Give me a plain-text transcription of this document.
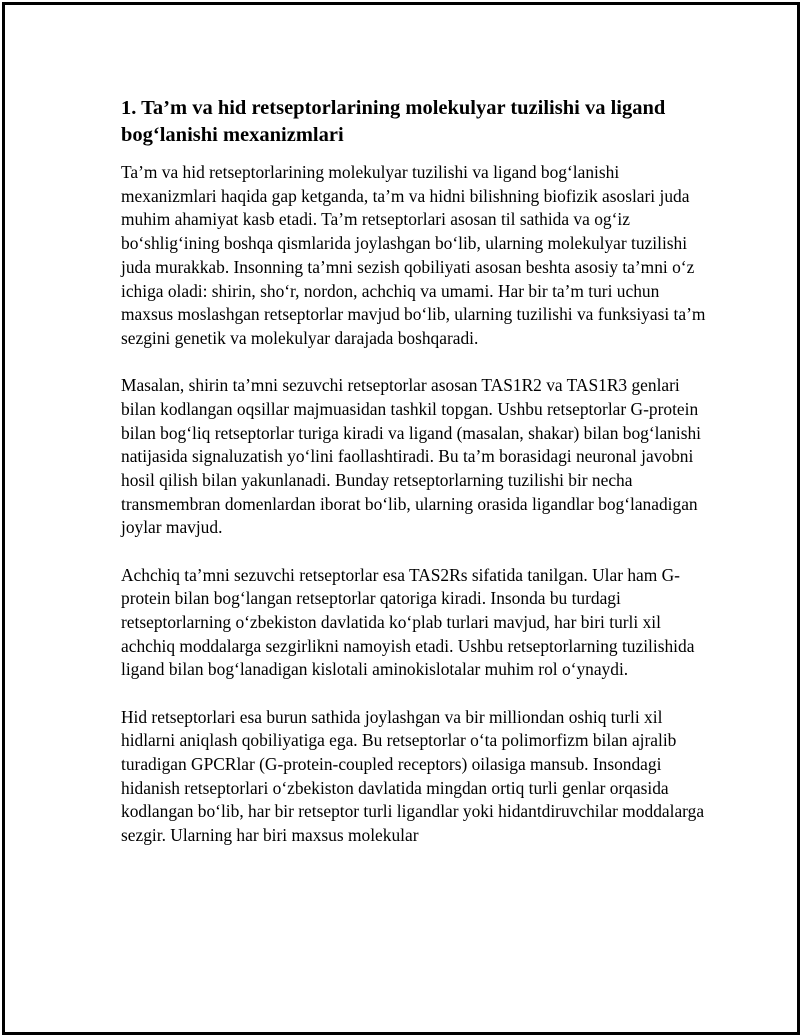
1. Ta’m va hid retseptorlarining molekulyar tuzilishi va ligand bog‘lanishi mexanizmlari

Ta’m va hid retseptorlarining molekulyar tuzilishi va ligand bog‘lanishi mexanizmlari haqida gap ketganda, ta’m va hidni bilishning biofizik asoslari juda muhim ahamiyat kasb etadi. Ta’m retseptorlari asosan til sathida va og‘iz bo‘shlig‘ining boshqa qismlarida joylashgan bo‘lib, ularning molekulyar tuzilishi juda murakkab. Insonning ta’mni sezish qobiliyati asosan beshta asosiy ta’mni o‘z ichiga oladi: shirin, sho‘r, nordon, achchiq va umami. Har bir ta’m turi uchun maxsus moslashgan retseptorlar mavjud bo‘lib, ularning tuzilishi va funksiyasi ta’m sezgini genetik va molekulyar darajada boshqaradi.

Masalan, shirin ta’mni sezuvchi retseptorlar asosan TAS1R2 va TAS1R3 genlari bilan kodlangan oqsillar majmuasidan tashkil topgan. Ushbu retseptorlar G-protein bilan bog‘liq retseptorlar turiga kiradi va ligand (masalan, shakar) bilan bog‘lanishi natijasida signaluzatish yo‘lini faollashtiradi. Bu ta’m borasidagi neuronal javobni hosil qilish bilan yakunlanadi. Bunday retseptorlarning tuzilishi bir necha transmembran domenlardan iborat bo‘lib, ularning orasida ligandlar bog‘lanadigan joylar mavjud.

Achchiq ta’mni sezuvchi retseptorlar esa TAS2Rs sifatida tanilgan. Ular ham G-protein bilan bog‘langan retseptorlar qatoriga kiradi. Insonda bu turdagi retseptorlarning o‘zbekiston davlatida ko‘plab turlari mavjud, har biri turli xil achchiq moddalarga sezgirlikni namoyish etadi. Ushbu retseptorlarning tuzilishida ligand bilan bog‘lanadigan kislotali aminokislotalar muhim rol o‘ynaydi.

Hid retseptorlari esa burun sathida joylashgan va bir milliondan oshiq turli xil hidlarni aniqlash qobiliyatiga ega. Bu retseptorlar o‘ta polimorfizm bilan ajralib turadigan GPCRlar (G-protein-coupled receptors) oilasiga mansub. Insondagi hidanish retseptorlari o‘zbekiston davlatida mingdan ortiq turli genlar orqasida kodlangan bo‘lib, har bir retseptor turli ligandlar yoki hidantdiruvchilar moddalarga sezgir. Ularning har biri maxsus molekular
